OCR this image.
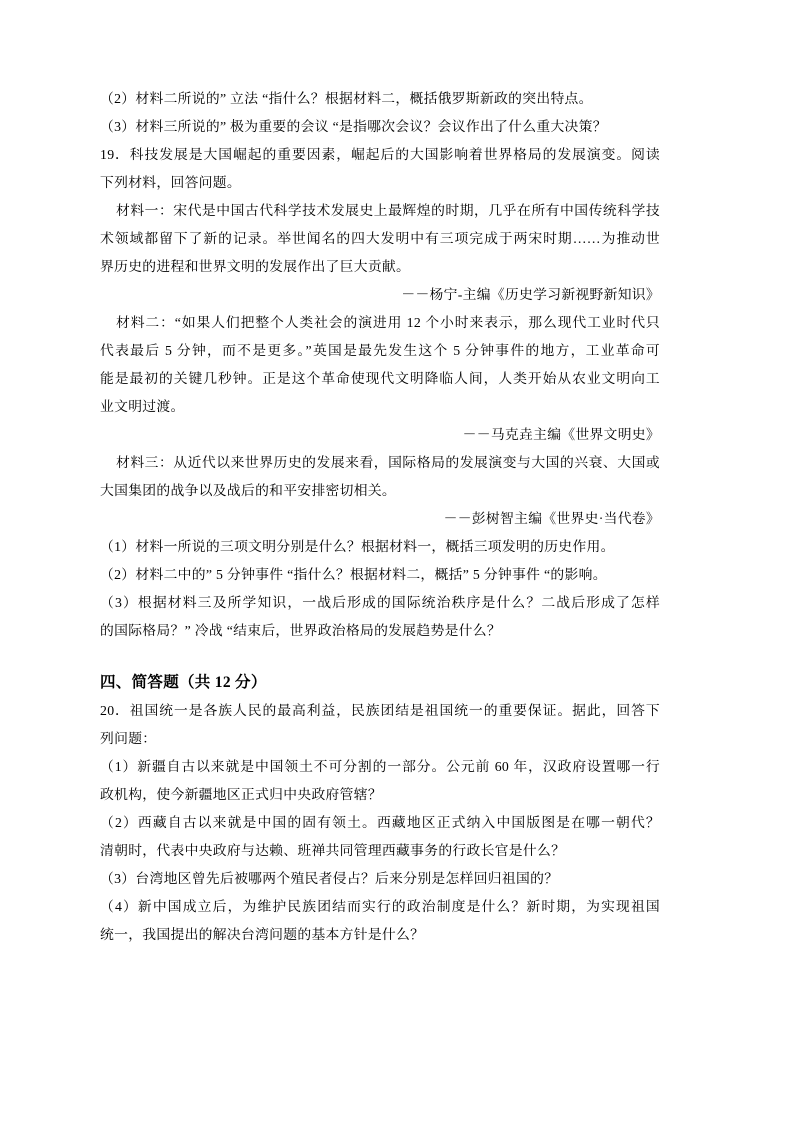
（2）材料二所说的” 立法 “指什么？根据材料二，概括俄罗斯新政的突出特点。
（3）材料三所说的” 极为重要的会议 “是指哪次会议？会议作出了什么重大决策？
19．科技发展是大国崛起的重要因素，崛起后的大国影响着世界格局的发展演变。阅读
下列材料，回答问题。
材料一：宋代是中国古代科学技术发展史上最辉煌的时期，几乎在所有中国传统科学技
术领域都留下了新的记录。举世闻名的四大发明中有三项完成于两宋时期……为推动世
界历史的进程和世界文明的发展作出了巨大贡献。
－－杨宁-主编《历史学习新视野新知识》
材料二：“如果人们把整个人类社会的演进用 12 个小时来表示，那么现代工业时代只
代表最后 5 分钟，而不是更多。”英国是最先发生这个 5 分钟事件的地方，工业革命可
能是最初的关键几秒钟。正是这个革命使现代文明降临人间，人类开始从农业文明向工
业文明过渡。
－－马克垚主编《世界文明史》
材料三：从近代以来世界历史的发展来看，国际格局的发展演变与大国的兴衰、大国或
大国集团的战争以及战后的和平安排密切相关。
－－彭树智主编《世界史·当代卷》
（1）材料一所说的三项文明分别是什么？根据材料一，概括三项发明的历史作用。
（2）材料二中的” 5 分钟事件 “指什么？根据材料二，概括” 5 分钟事件 “的影响。
（3）根据材料三及所学知识，一战后形成的国际统治秩序是什么？二战后形成了怎样
的国际格局？” 冷战 “结束后，世界政治格局的发展趋势是什么？
四、简答题（共 12 分）
20．祖国统一是各族人民的最高利益，民族团结是祖国统一的重要保证。据此，回答下
列问题：
（1）新疆自古以来就是中国领土不可分割的一部分。公元前 60 年，汉政府设置哪一行
政机构，使今新疆地区正式归中央政府管辖？
（2）西藏自古以来就是中国的固有领土。西藏地区正式纳入中国版图是在哪一朝代？
清朝时，代表中央政府与达赖、班禅共同管理西藏事务的行政长官是什么？
（3）台湾地区曾先后被哪两个殖民者侵占？后来分别是怎样回归祖国的？
（4）新中国成立后，为维护民族团结而实行的政治制度是什么？新时期，为实现祖国
统一，我国提出的解决台湾问题的基本方针是什么？
